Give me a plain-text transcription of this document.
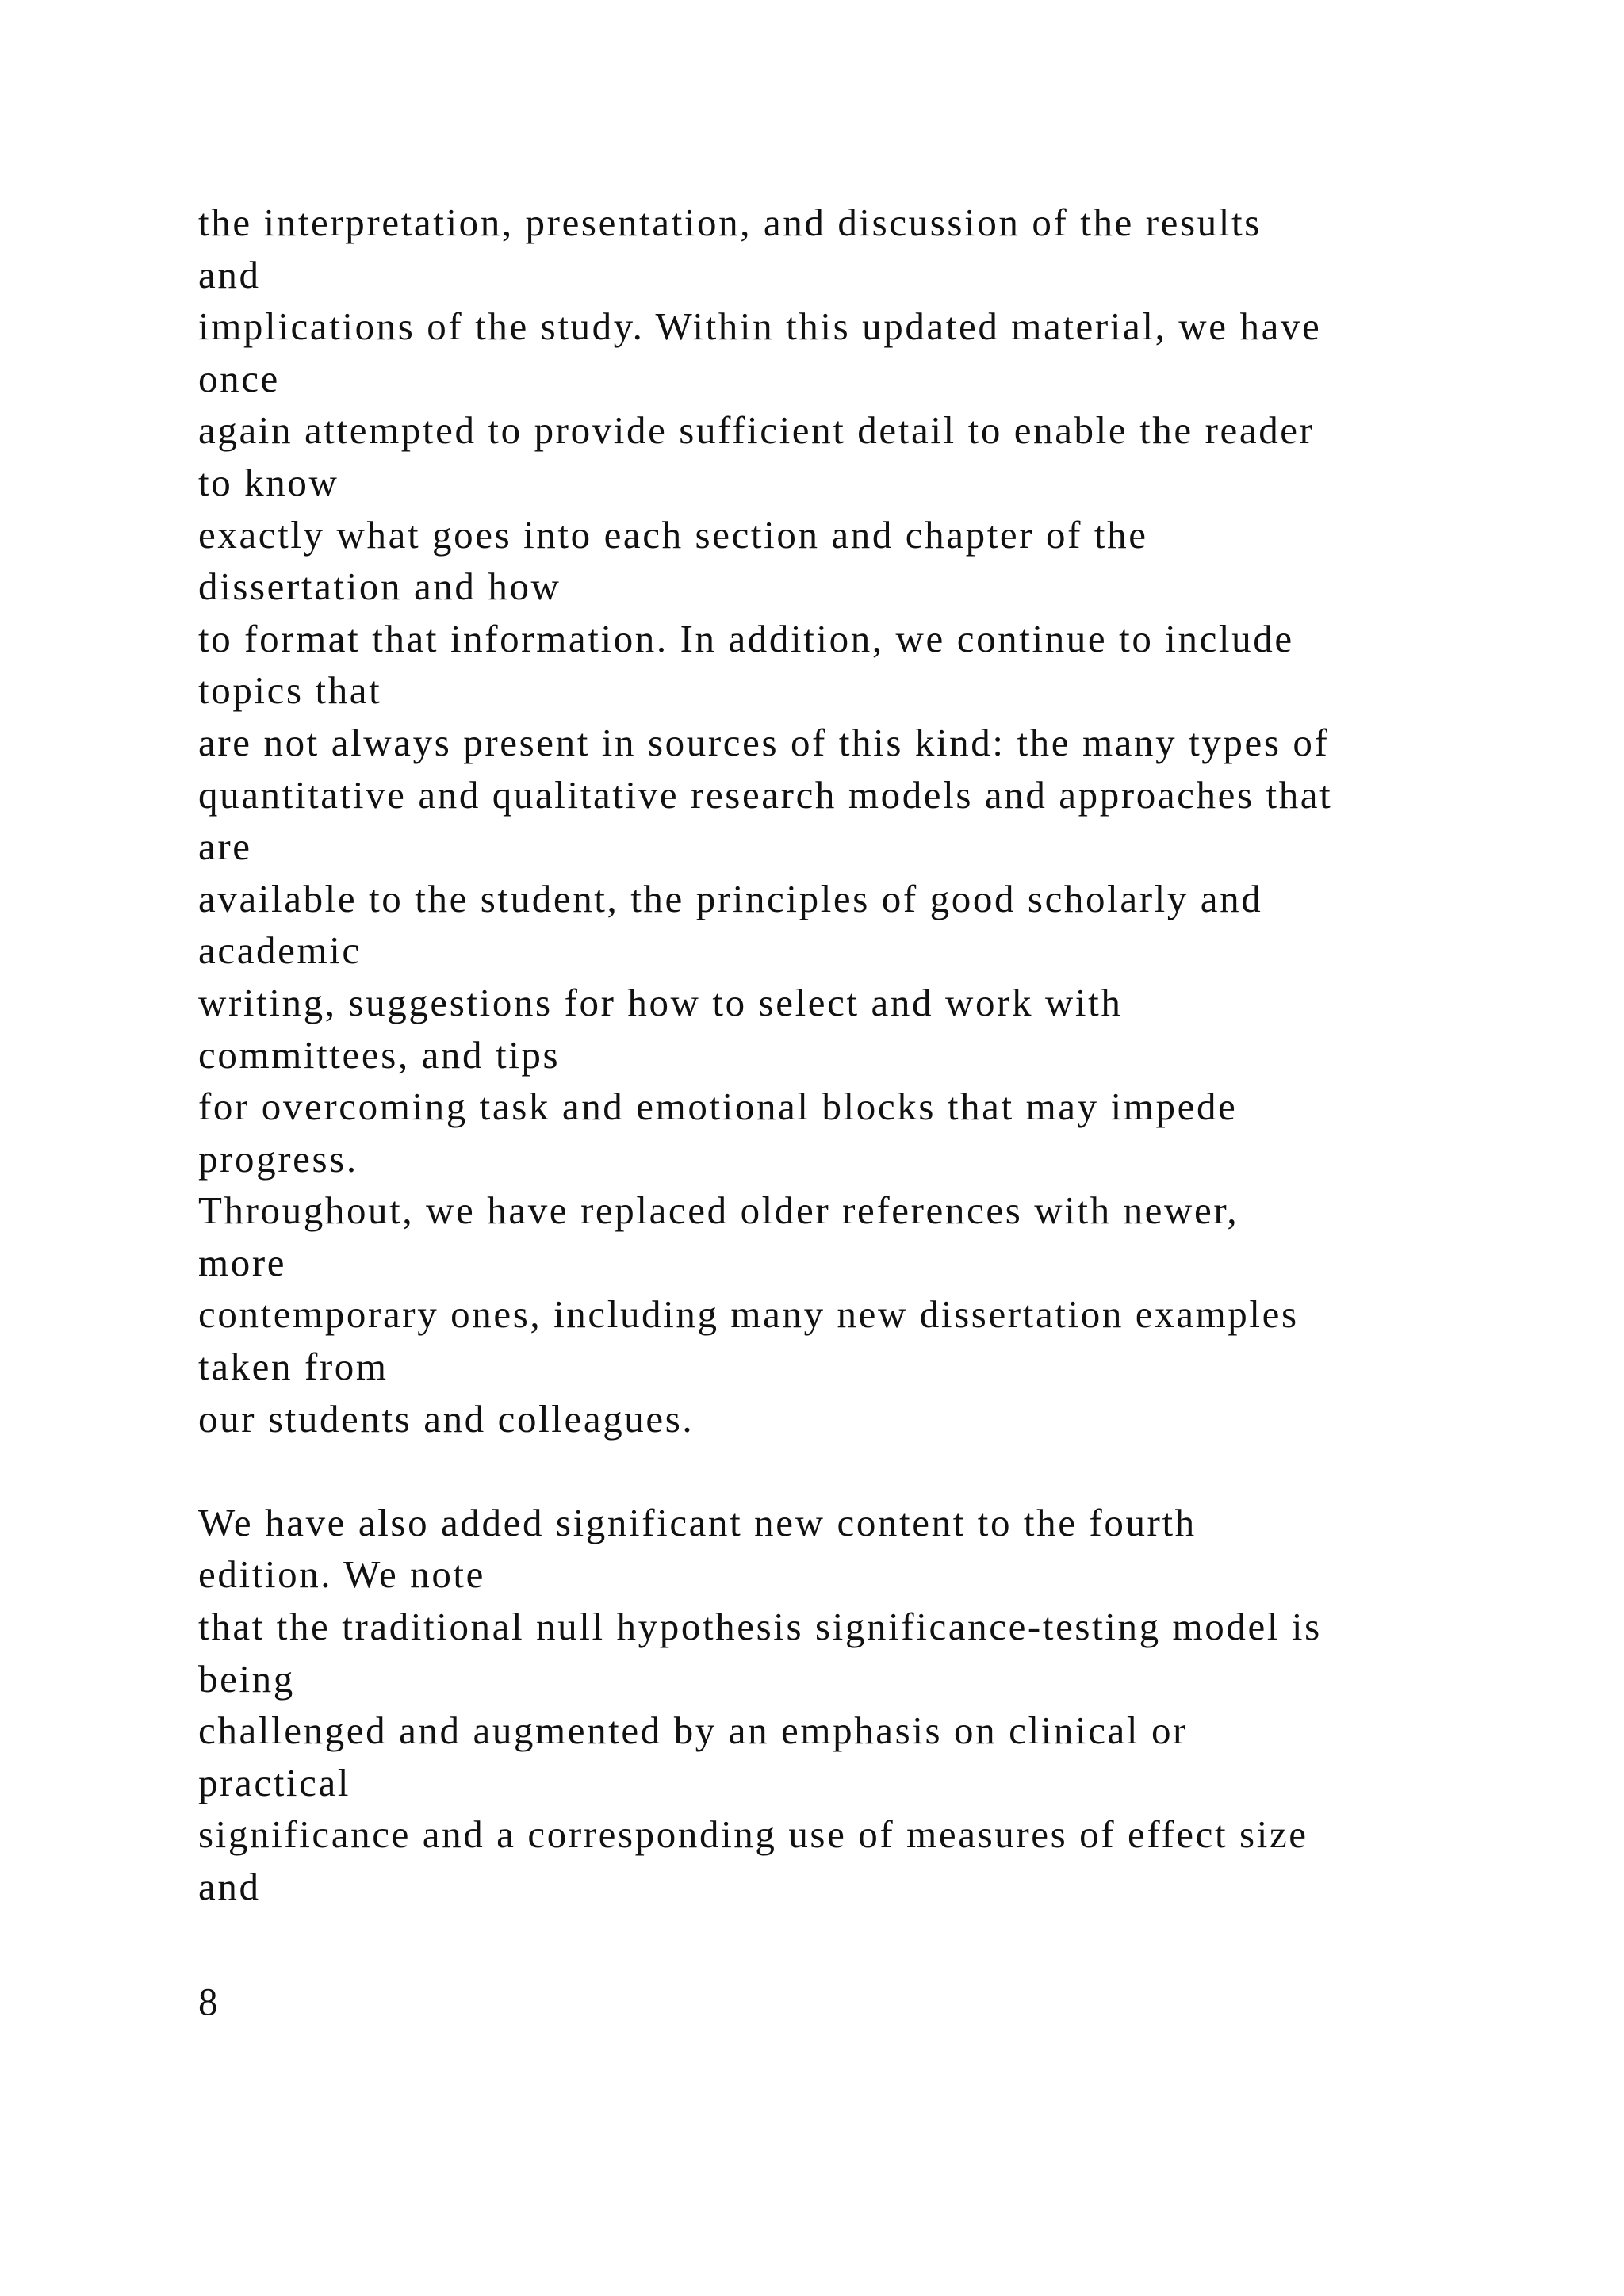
the interpretation, presentation, and discussion of the results
and
implications of the study. Within this updated material, we have
once
again attempted to provide sufficient detail to enable the reader
to know
exactly what goes into each section and chapter of the
dissertation and how
to format that information. In addition, we continue to include
topics that
are not always present in sources of this kind: the many types of
quantitative and qualitative research models and approaches that
are
available to the student, the principles of good scholarly and
academic
writing, suggestions for how to select and work with
committees, and tips
for overcoming task and emotional blocks that may impede
progress.
Throughout, we have replaced older references with newer,
more
contemporary ones, including many new dissertation examples
taken from
our students and colleagues.
We have also added significant new content to the fourth
edition. We note
that the traditional null hypothesis significance-testing model is
being
challenged and augmented by an emphasis on clinical or
practical
significance and a corresponding use of measures of effect size
and
8
